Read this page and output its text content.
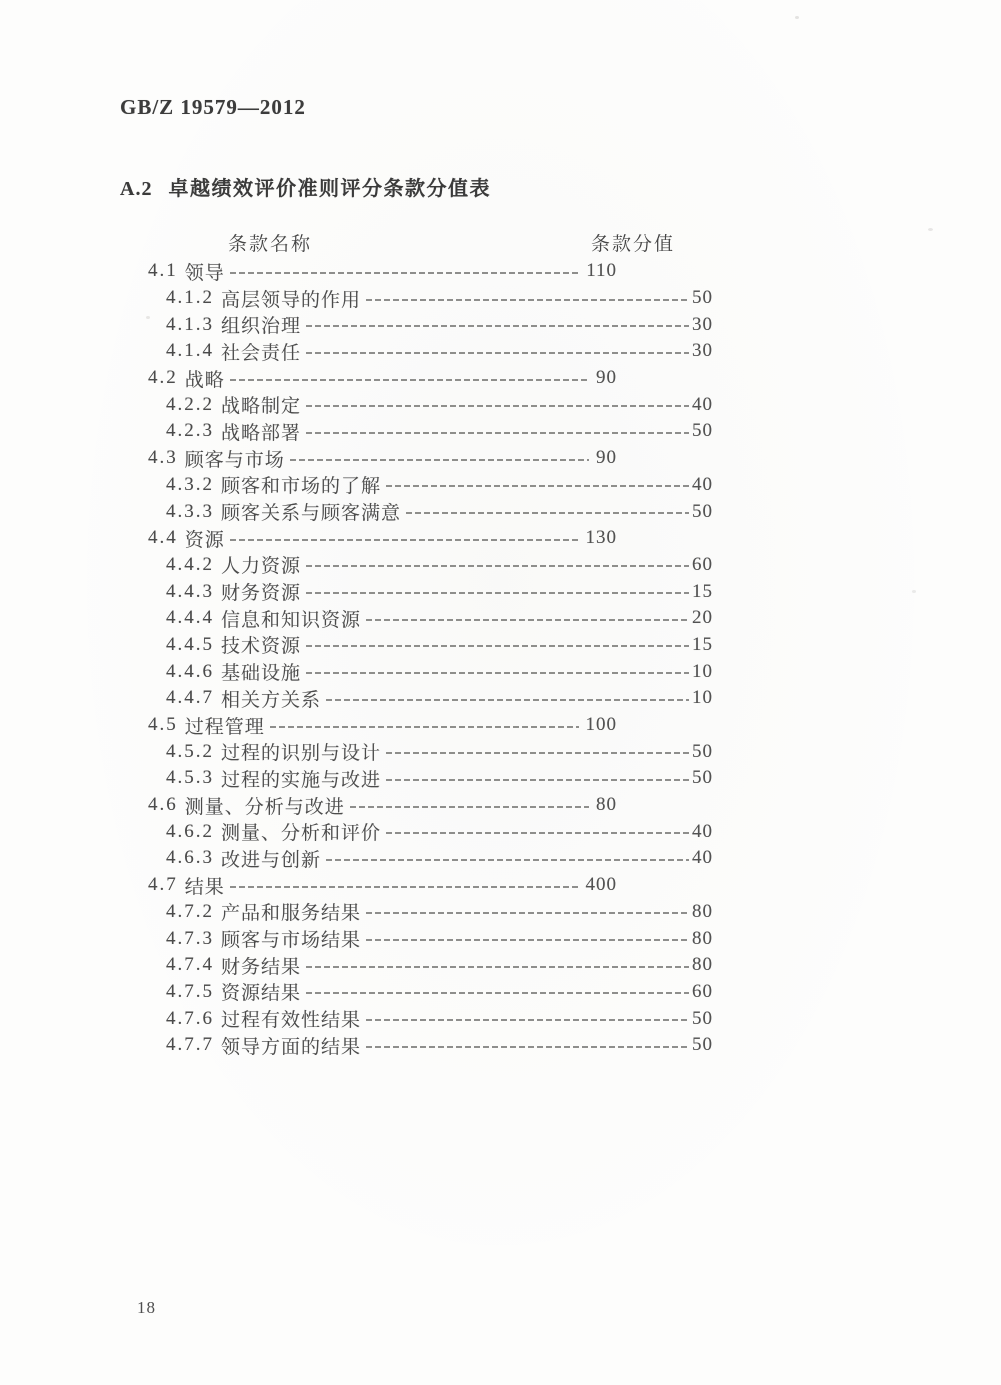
GB/Z 19579—2012
A.2 卓越绩效评价准则评分条款分值表
条款名称	条款分值
4.1 领导	110
4.1.2 高层领导的作用	50
4.1.3 组织治理	30
4.1.4 社会责任	30
4.2 战略	90
4.2.2 战略制定	40
4.2.3 战略部署	50
4.3 顾客与市场	90
4.3.2 顾客和市场的了解	40
4.3.3 顾客关系与顾客满意	50
4.4 资源	130
4.4.2 人力资源	60
4.4.3 财务资源	15
4.4.4 信息和知识资源	20
4.4.5 技术资源	15
4.4.6 基础设施	10
4.4.7 相关方关系	10
4.5 过程管理	100
4.5.2 过程的识别与设计	50
4.5.3 过程的实施与改进	50
4.6 测量、分析与改进	80
4.6.2 测量、分析和评价	40
4.6.3 改进与创新	40
4.7 结果	400
4.7.2 产品和服务结果	80
4.7.3 顾客与市场结果	80
4.7.4 财务结果	80
4.7.5 资源结果	60
4.7.6 过程有效性结果	50
4.7.7 领导方面的结果	50
18
